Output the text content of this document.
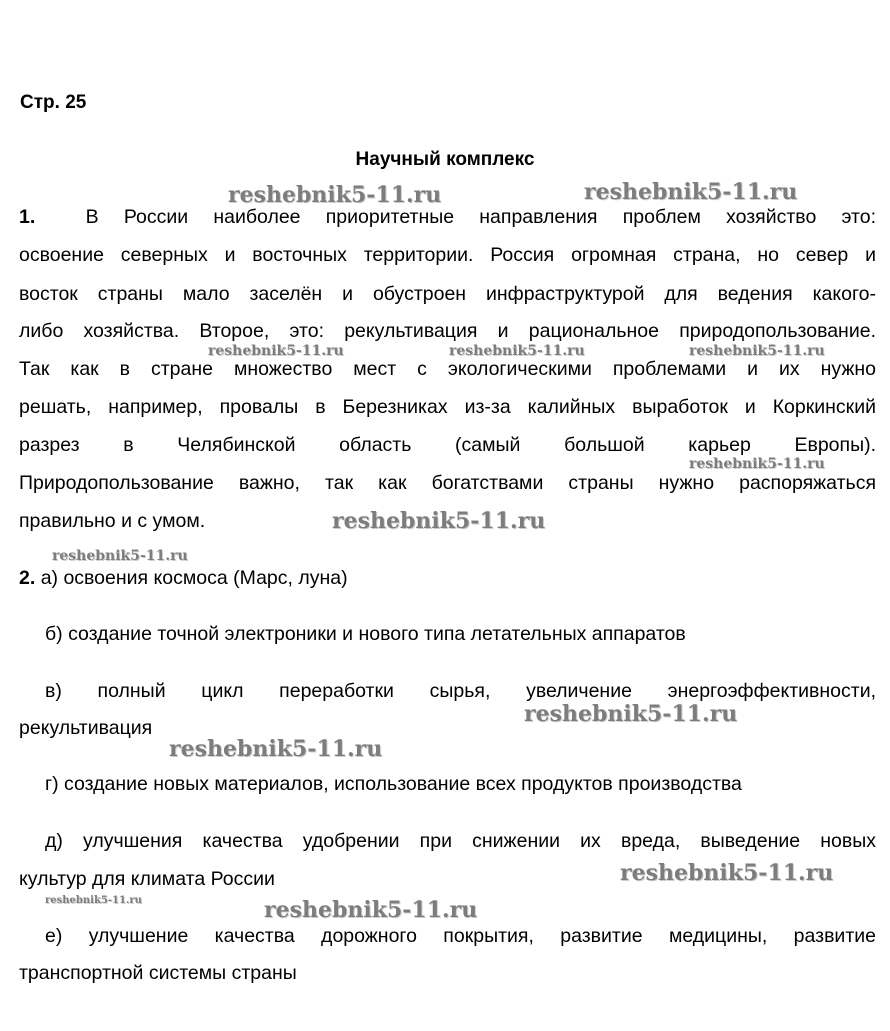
Стр. 25
Научный комплекс
1.	В России наиболее приоритетные направления проблем хозяйство это:
освоение северных и восточных территории. Россия огромная страна, но север и
восток страны мало заселён и обустроен инфраструктурой для ведения какого-
либо хозяйства. Второе, это: рекультивация и рациональное природопользование.
Так как в стране множество мест с экологическими проблемами и их нужно
решать, например, провалы в Березниках из-за калийных выработок и Коркинский
разрез в Челябинской область (самый большой карьер Европы).
Природопользование важно, так как богатствами страны нужно распоряжаться
правильно и с умом.
2. а) освоения космоса (Марс, луна)
б) создание точной электроники и нового типа летательных аппаратов
в) полный цикл переработки сырья, увеличение энергоэффективности,
рекультивация
г) создание новых материалов, использование всех продуктов производства
д) улучшения качества удобрении при снижении их вреда, выведение новых
культур для климата России
е) улучшение качества дорожного покрытия, развитие медицины, развитие
транспортной системы страны
reshebnik5-11.ru	reshebnik5-11.ru
reshebnik5-11.ru	reshebnik5-11.ru	reshebnik5-11.ru
reshebnik5-11.ru
reshebnik5-11.ru
reshebnik5-11.ru
reshebnik5-11.ru
reshebnik5-11.ru
reshebnik5-11.ru
reshebnik5-11.ru	reshebnik5-11.ru
